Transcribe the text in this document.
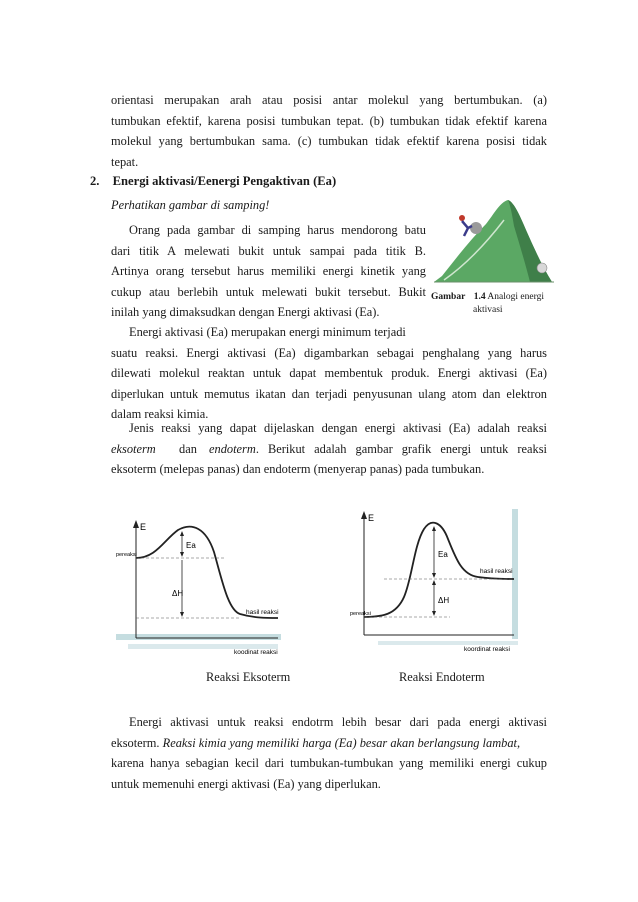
orientasi merupakan arah atau posisi antar molekul yang bertumbukan. (a)
tumbukan efektif, karena posisi tumbukan tepat. (b) tumbukan tidak efektif karena
molekul yang bertumbukan sama. (c) tumbukan tidak efektif karena posisi tidak
tepat.
2. Energi aktivasi/Eenergi Pengaktivan (Ea)
Perhatikan gambar di samping!
Orang pada gambar di samping harus mendorong batu
dari titik A melewati bukit untuk sampai pada titik B.
Artinya orang tersebut harus memiliki energi kinetik yang
cukup atau berlebih untuk melewati bukit tersebut. Bukit
inilah yang dimaksudkan dengan Energi aktivasi (Ea).
Gambar 1.4 Analogi energi
aktivasi
Energi aktivasi (Ea) merupakan energi minimum terjadi
suatu reaksi. Energi aktivasi (Ea) digambarkan sebagai penghalang yang harus
dilewati molekul reaktan untuk dapat membentuk produk. Energi aktivasi (Ea)
diperlukan untuk memutus ikatan dan terjadi penyusunan ulang atom dan elektron
dalam reaksi kimia.
Jenis reaksi yang dapat dijelaskan dengan energi aktivasi (Ea) adalah reaksi
eksoterm	dan endoterm. Berikut adalah gambar grafik energi untuk reaksi
eksoterm (melepas panas) dan endoterm (menyerap panas) pada tumbukan.
E
Ea
ΔH
pereaksi
hasil reaksi
koodinat reaksi
Reaksi Eksoterm
E
Ea
ΔH
pereaksi
hasil reaksi
koordinat reaksi
Reaksi Endoterm
Energi aktivasi untuk reaksi endotrm lebih besar dari pada energi aktivasi
eksoterm. Reaksi kimia yang memiliki harga (Ea) besar akan berlangsung lambat,
karena hanya sebagian kecil dari tumbukan-tumbukan yang memiliki energi cukup
untuk memenuhi energi aktivasi (Ea) yang diperlukan.
